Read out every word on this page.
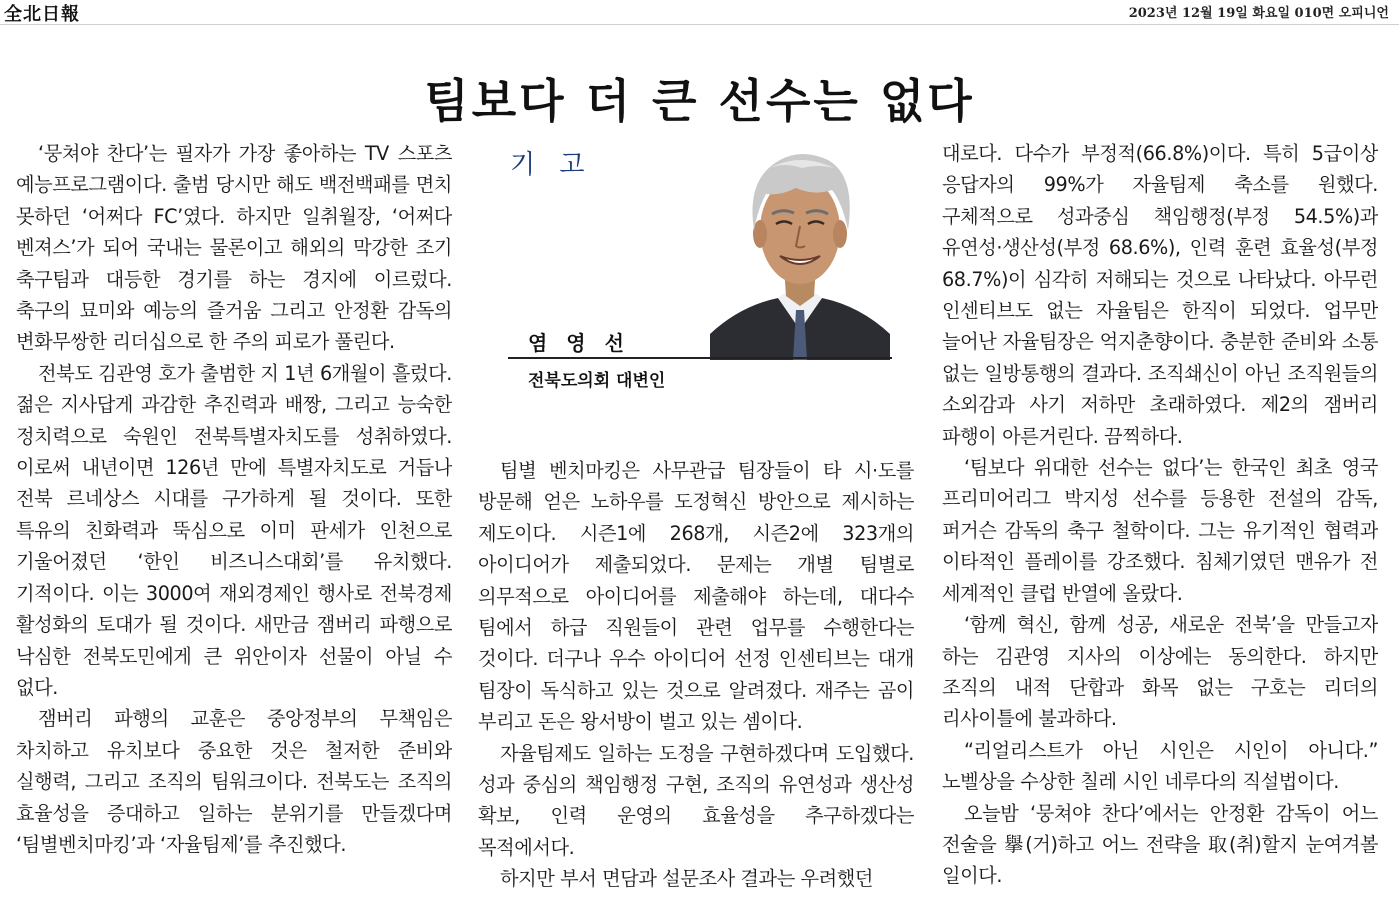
全北日報	2023년 12월 19일 화요일 010면 오피니언
팀보다 더 큰 선수는 없다

‘뭉쳐야 찬다’는 필자가 가장 좋아하는 TV 스포츠 예능프로그램이다. 출범 당시만 해도 백전백패를 면치 못하던 ‘어쩌다 FC’였다. 하지만 일취월장, ‘어쩌다 벤져스’가 되어 국내는 물론이고 해외의 막강한 조기 축구팀과 대등한 경기를 하는 경지에 이르렀다. 축구의 묘미와 예능의 즐거움 그리고 안정환 감독의 변화무쌍한 리더십으로 한 주의 피로가 풀린다.

전북도 김관영 호가 출범한 지 1년 6개월이 흘렀다. 젊은 지사답게 과감한 추진력과 배짱, 그리고 능숙한 정치력으로 숙원인 전북특별자치도를 성취하였다. 이로써 내년이면 126년 만에 특별자치도로 거듭나 전북 르네상스 시대를 구가하게 될 것이다. 또한 특유의 친화력과 뚝심으로 이미 판세가 인천으로 기울어졌던 ‘한인 비즈니스대회’를 유치했다. 기적이다. 이는 3000여 재외경제인 행사로 전북경제 활성화의 토대가 될 것이다. 새만금 잼버리 파행으로 낙심한 전북도민에게 큰 위안이자 선물이 아닐 수 없다.

잼버리 파행의 교훈은 중앙정부의 무책임은 차치하고 유치보다 중요한 것은 철저한 준비와 실행력, 그리고 조직의 팀워크이다. 전북도는 조직의 효율성을 증대하고 일하는 분위기를 만들겠다며 ‘팀별벤치마킹’과 ‘자율팀제’를 추진했다.

기 고
염 영 선
전북도의회 대변인

팀별 벤치마킹은 사무관급 팀장들이 타 시·도를 방문해 얻은 노하우를 도정혁신 방안으로 제시하는 제도이다. 시즌1에 268개, 시즌2에 323개의 아이디어가 제출되었다. 문제는 개별 팀별로 의무적으로 아이디어를 제출해야 하는데, 대다수 팀에서 하급 직원들이 관련 업무를 수행한다는 것이다. 더구나 우수 아이디어 선정 인센티브는 대개 팀장이 독식하고 있는 것으로 알려졌다. 재주는 곰이 부리고 돈은 왕서방이 벌고 있는 셈이다.

자율팀제도 일하는 도정을 구현하겠다며 도입했다. 성과 중심의 책임행정 구현, 조직의 유연성과 생산성 확보, 인력 운영의 효율성을 추구하겠다는 목적에서다.

하지만 부서 면담과 설문조사 결과는 우려했던

대로다. 다수가 부정적(66.8%)이다. 특히 5급이상 응답자의 99%가 자율팀제 축소를 원했다. 구체적으로 성과중심 책임행정(부정 54.5%)과 유연성·생산성(부정 68.6%), 인력 훈련 효율성(부정 68.7%)이 심각히 저해되는 것으로 나타났다. 아무런 인센티브도 없는 자율팀은 한직이 되었다. 업무만 늘어난 자율팀장은 억지춘향이다. 충분한 준비와 소통 없는 일방통행의 결과다. 조직쇄신이 아닌 조직원들의 소외감과 사기 저하만 초래하였다. 제2의 잼버리 파행이 아른거린다. 끔찍하다.

‘팀보다 위대한 선수는 없다’는 한국인 최초 영국 프리미어리그 박지성 선수를 등용한 전설의 감독, 퍼거슨 감독의 축구 철학이다. 그는 유기적인 협력과 이타적인 플레이를 강조했다. 침체기였던 맨유가 전 세계적인 클럽 반열에 올랐다.

‘함께 혁신, 함께 성공, 새로운 전북’을 만들고자 하는 김관영 지사의 이상에는 동의한다. 하지만 조직의 내적 단합과 화목 없는 구호는 리더의 리사이틀에 불과하다.

“리얼리스트가 아닌 시인은 시인이 아니다.” 노벨상을 수상한 칠레 시인 네루다의 직설법이다.

오늘밤 ‘뭉쳐야 찬다’에서는 안정환 감독이 어느 전술을 擧(거)하고 어느 전략을 取(취)할지 눈여겨볼 일이다.
